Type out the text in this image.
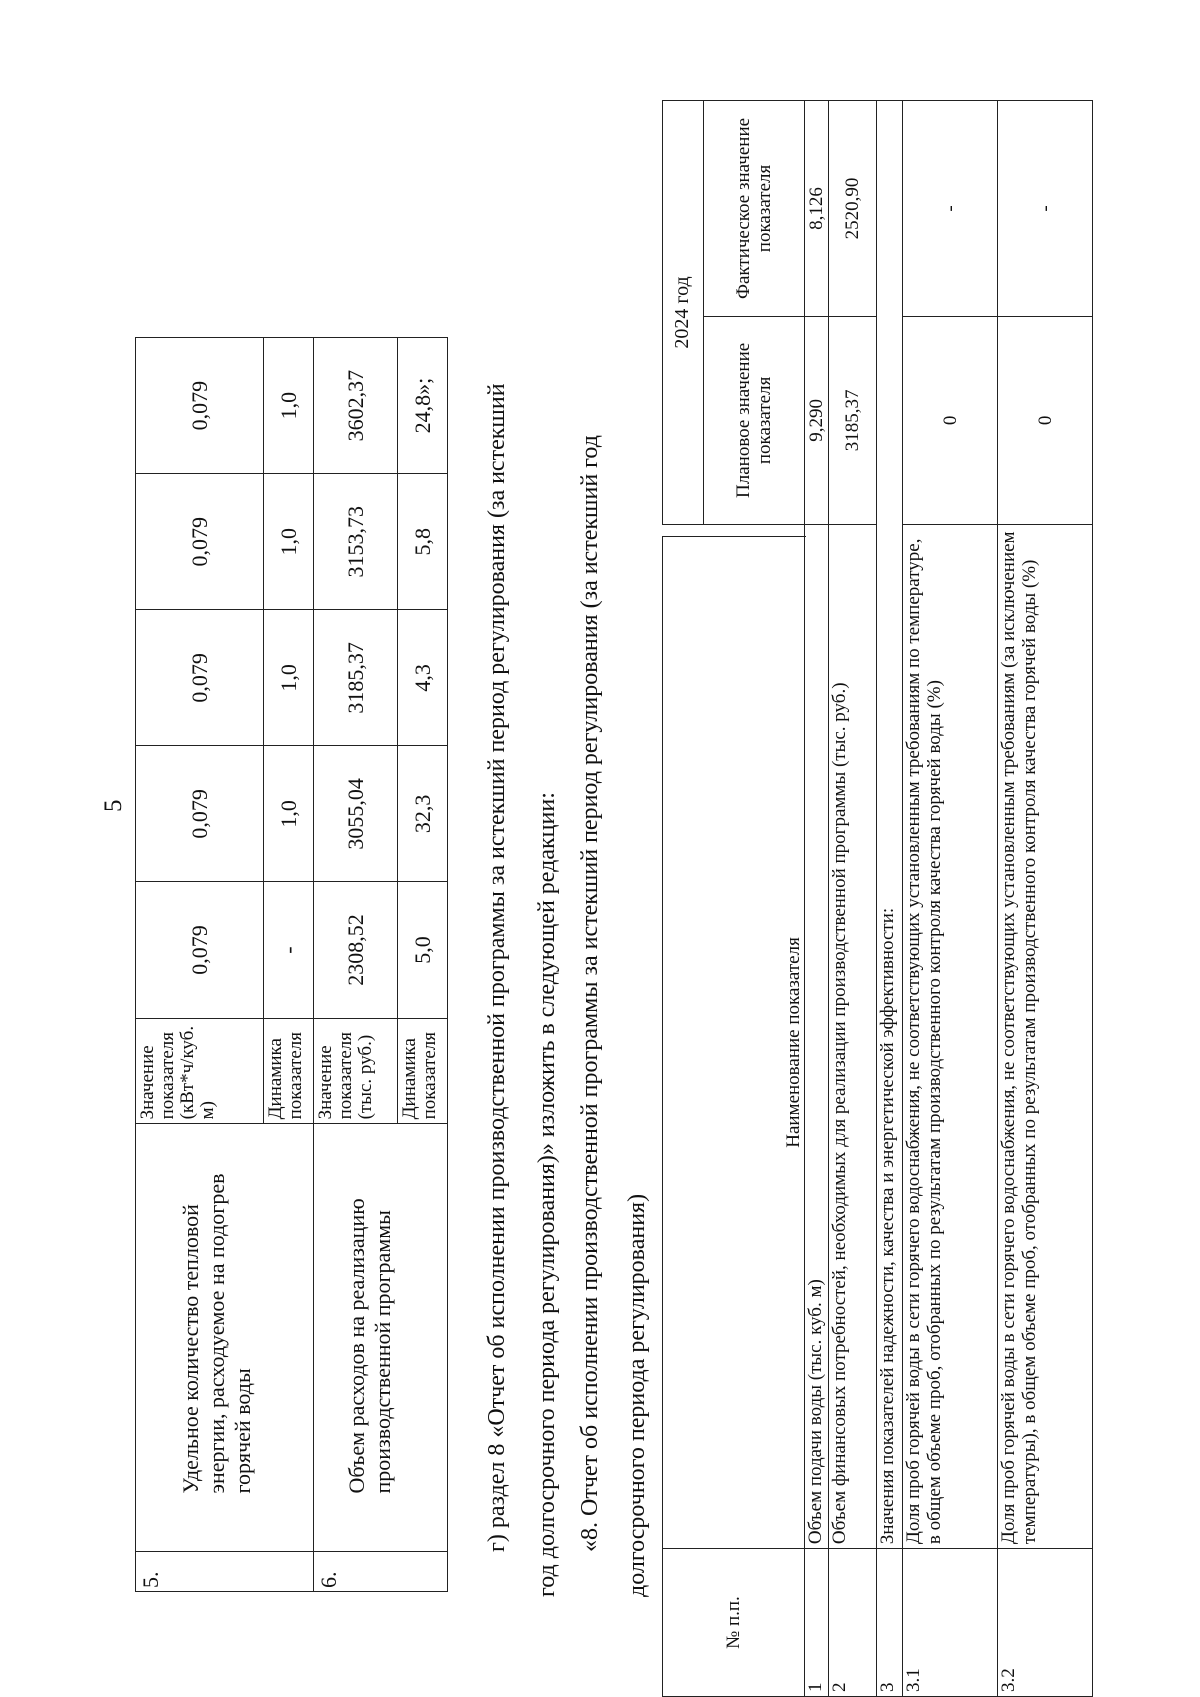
5
5.	Удельное количество тепловой энергии, расходуемое на подогрев горячей воды	Значение показателя (кВт*ч/куб. м)	0,079	0,079	0,079	0,079	0,079
		Динамика показателя	-	1,0	1,0	1,0	1,0
6.	Объем расходов на реализацию производственной программы	Значение показателя (тыс. руб.)	2308,52	3055,04	3185,37	3153,73	3602,37
		Динамика показателя	5,0	32,3	4,3	5,8	24,8»; г) раздел 8 «Отчет об исполнении производственной программы за истекший период регулирования (за истекший год долгосрочного периода регулирования)» изложить в следующей редакции: «8. Отчет об исполнении производственной программы за истекший период регулирования (за истекший год долгосрочного периода регулирования)
№ п.п.	Наименование показателя		2024 год	
			Плановое значение показателя	Фактическое значение показателя

1	Объем подачи воды (тыс. куб. м)		9,290	8,126
2	Объем финансовых потребностей, необходимых для реализации производственной программы (тыс. руб.)		3185,37	2520,90
3	Значения показателей надежности, качества и энергетической эффективности:			
3.1	Доля проб горячей воды в сети горячего водоснабжения, не соответствующих установленным требованиям по температуре, в общем объеме проб, отобранных по результатам производственного контроля качества горячей воды (%)		0	-
3.2	Доля проб горячей воды в сети горячего водоснабжения, не соответствующих установленным требованиям (за исключением температуры), в общем объеме проб, отобранных по результатам производственного контроля качества горячей воды (%)		0	-
